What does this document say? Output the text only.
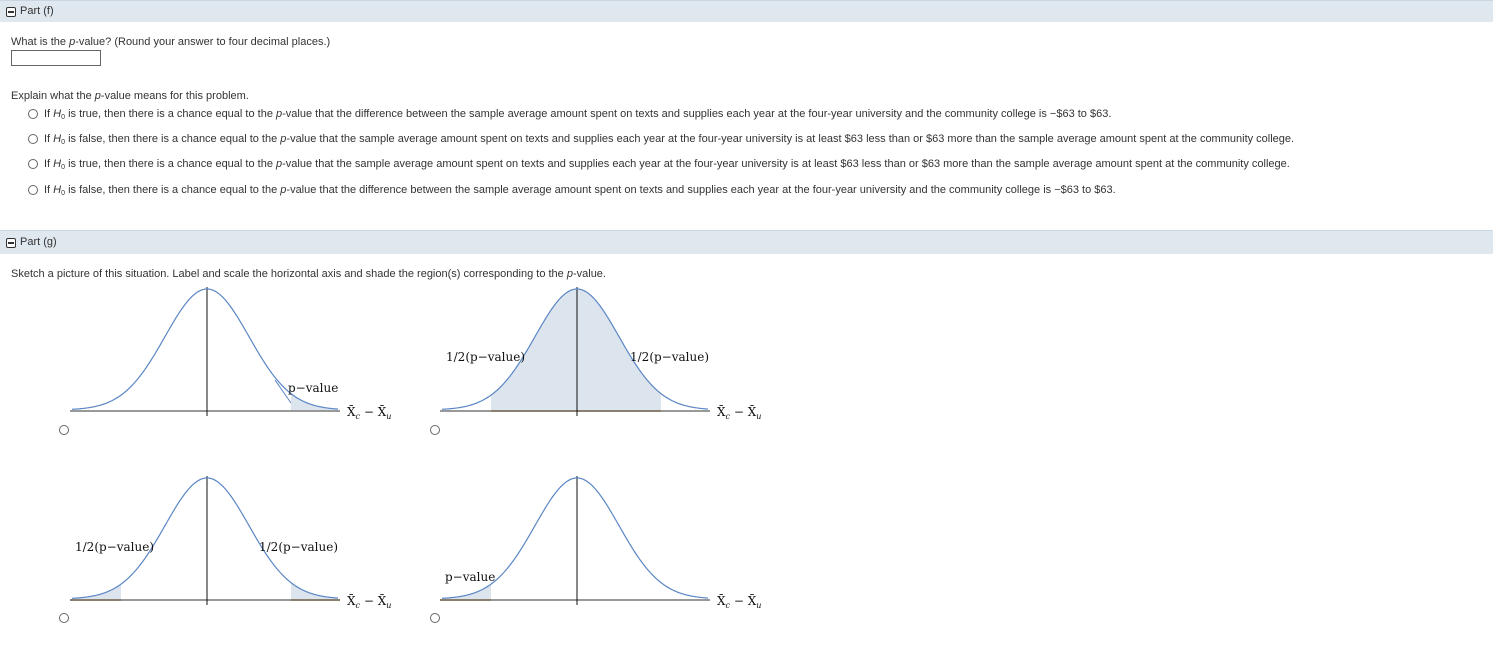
Part (f)
What is the p-value? (Round your answer to four decimal places.)
Explain what the p-value means for this problem.
If $H_0$ is true, then there is a chance equal to the p-value that the difference between the sample average amount spent on texts and supplies each year at the four-year university and the community college is −$63 to $63.
If $H_0$ is false, then there is a chance equal to the p-value that the sample average amount spent on texts and supplies each year at the four-year university is at least $63 less than or $63 more than the sample average amount spent at the community college.
If $H_0$ is true, then there is a chance equal to the p-value that the sample average amount spent on texts and supplies each year at the four-year university is at least $63 less than or $63 more than the sample average amount spent at the community college.
If $H_0$ is false, then there is a chance equal to the p-value that the difference between the sample average amount spent on texts and supplies each year at the four-year university and the community college is −$63 to $63.
Part (g)
Sketch a picture of this situation. Label and scale the horizontal axis and shade the region(s) corresponding to the p-value.
p−value
$X̄_c$ − $X̄_u$
1/2(p−value)	1/2(p−value)
$X̄_c$ − $X̄_u$
1/2(p−value)	1/2(p−value)
$X̄_c$ − $X̄_u$
p−value
$X̄_c$ − $X̄_u$
